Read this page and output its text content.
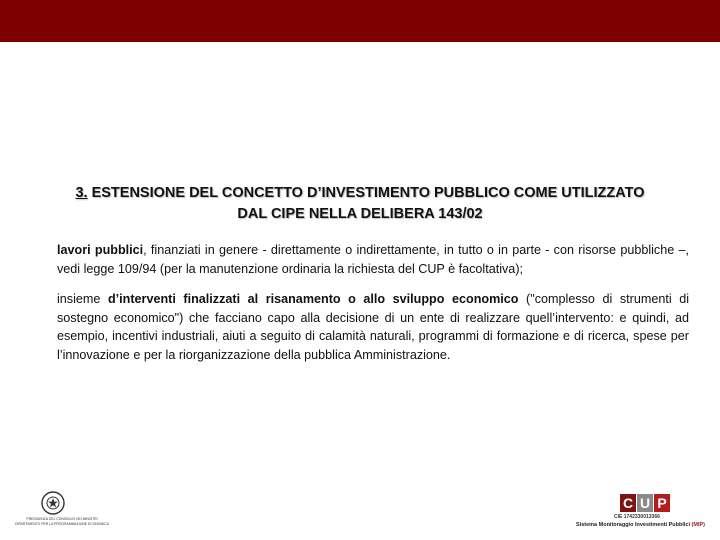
3. ESTENSIONE DEL CONCETTO D’INVESTIMENTO PUBBLICO COME UTILIZZATO
DAL CIPE NELLA DELIBERA 143/02
lavori pubblici, finanziati in genere - direttamente o indirettamente, in tutto o in parte - con risorse pubbliche –, vedi legge 109/94 (per la manutenzione ordinaria la richiesta del CUP è facoltativa);
insieme d’interventi finalizzati al risanamento o allo sviluppo economico ("complesso di strumenti di sostegno economico") che facciano capo alla decisione di un ente di realizzare quell’intervento: e quindi, ad esempio, incentivi industriali, aiuti a seguito di calamità naturali, programmi di formazione e di ricerca, spese per l’innovazione e per la riorganizzazione della pubblica Amministrazione.
PRESIDENZA DEL CONSIGLIO DEI MINISTRI
DIPARTIMENTO PER LA PROGRAMMAZIONE ECONOMICA
C U P
CIE 1742330013366
Sistema Monitoraggio Investimenti Pubblici (MIP)
